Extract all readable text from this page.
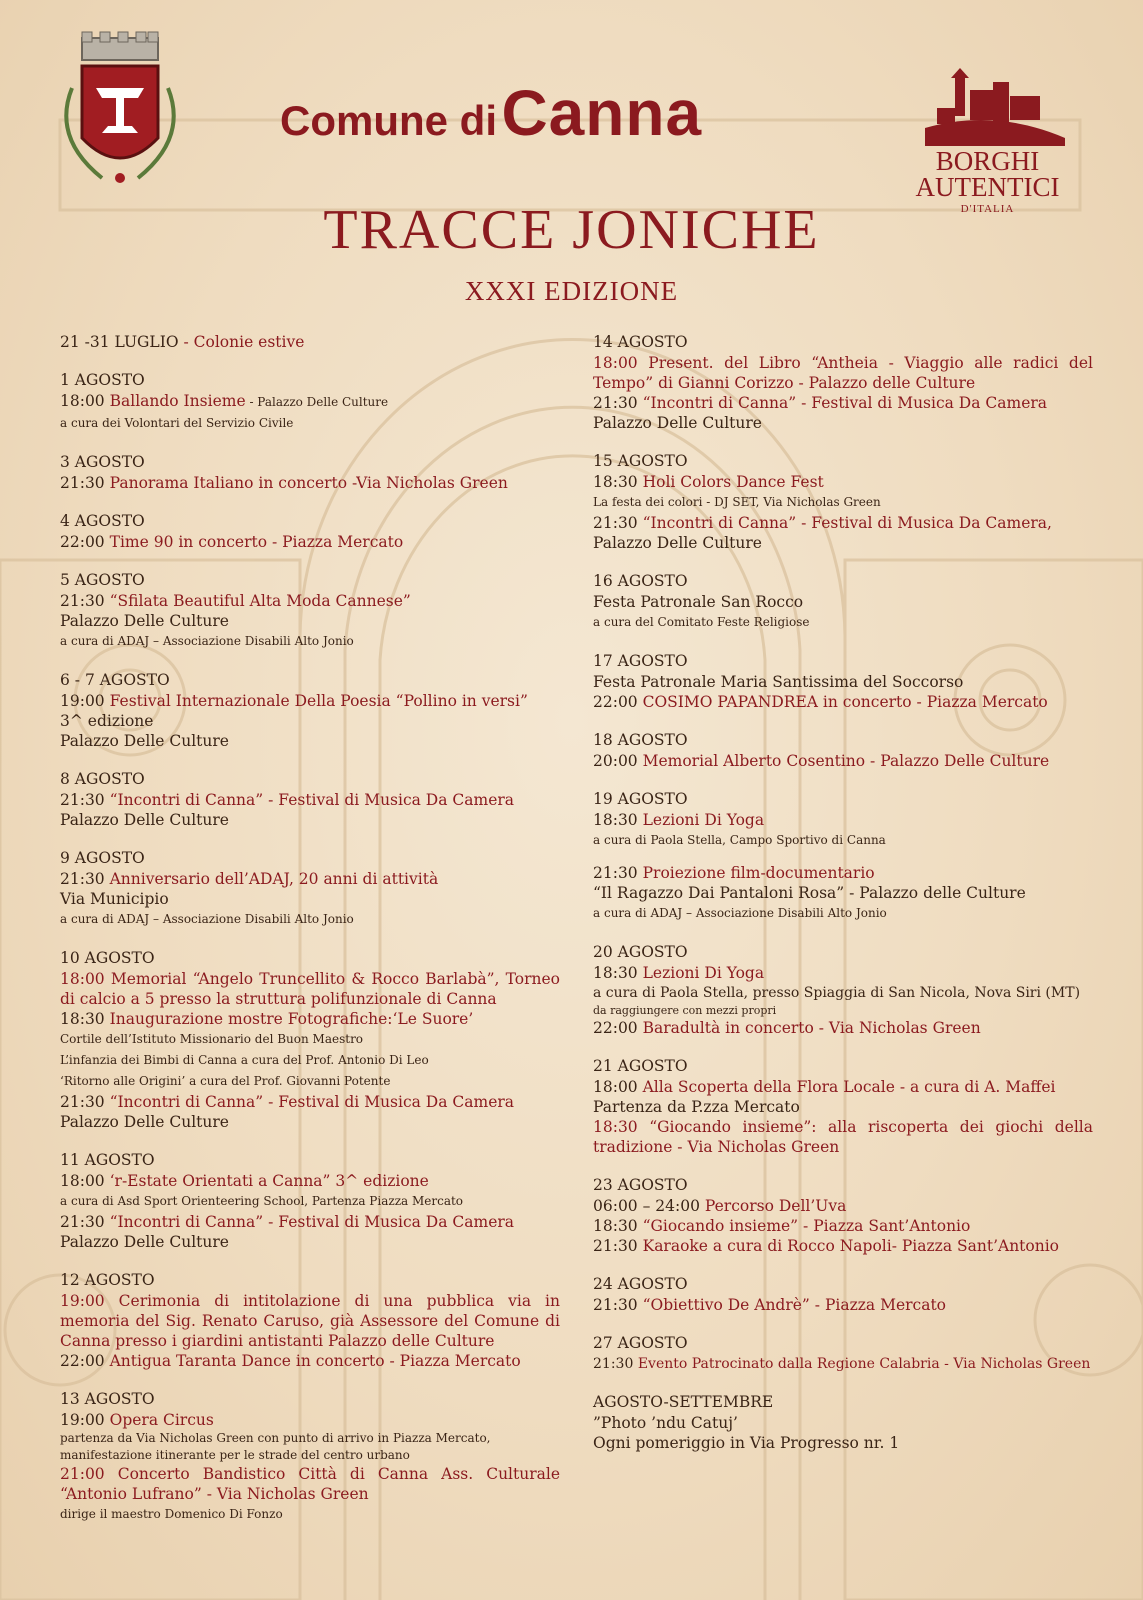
Comune di Canna
BORGHI
AUTENTICI
D'ITALIA
TRACCE JONICHE
XXXI EDIZIONE
21 -31 LUGLIO - Colonie estive
1 AGOSTO
18:00 Ballando Insieme - Palazzo Delle Culture
a cura dei Volontari del Servizio Civile
3 AGOSTO
21:30 Panorama Italiano in concerto -Via Nicholas Green
4 AGOSTO
22:00 Time 90 in concerto - Piazza Mercato
5 AGOSTO
21:30 “Sfilata Beautiful Alta Moda Cannese”
Palazzo Delle Culture
a cura di ADAJ – Associazione Disabili Alto Jonio
6 - 7 AGOSTO
19:00 Festival Internazionale Della Poesia “Pollino in versi”
3^ edizione
Palazzo Delle Culture
8 AGOSTO
21:30 “Incontri di Canna” - Festival di Musica Da Camera
Palazzo Delle Culture
9 AGOSTO
21:30 Anniversario dell’ADAJ, 20 anni di attività
Via Municipio
a cura di ADAJ – Associazione Disabili Alto Jonio
10 AGOSTO
18:00 Memorial “Angelo Truncellito & Rocco Barlabà”, Torneo di calcio a 5 presso la struttura polifunzionale di Canna
18:30 Inaugurazione mostre Fotografiche:‘Le Suore’
Cortile dell’Istituto Missionario del Buon Maestro
L’infanzia dei Bimbi di Canna a cura del Prof. Antonio Di Leo
‘Ritorno alle Origini’ a cura del Prof. Giovanni Potente
21:30 “Incontri di Canna” - Festival di Musica Da Camera
Palazzo Delle Culture
11 AGOSTO
18:00 ‘r-Estate Orientati a Canna” 3^ edizione
a cura di Asd Sport Orienteering School, Partenza Piazza Mercato
21:30 “Incontri di Canna” - Festival di Musica Da Camera
Palazzo Delle Culture
12 AGOSTO
19:00 Cerimonia di intitolazione di una pubblica via in memoria del Sig. Renato Caruso, già Assessore del Comune di Canna presso i giardini antistanti Palazzo delle Culture
22:00 Antigua Taranta Dance in concerto - Piazza Mercato
13 AGOSTO
19:00 Opera Circus
partenza da Via Nicholas Green con punto di arrivo in Piazza Mercato,
manifestazione itinerante per le strade del centro urbano
21:00 Concerto Bandistico Città di Canna Ass. Culturale “Antonio Lufrano” - Via Nicholas Green
dirige il maestro Domenico Di Fonzo
14 AGOSTO
18:00 Present. del Libro “Antheia - Viaggio alle radici del Tempo” di Gianni Corizzo - Palazzo delle Culture
21:30 “Incontri di Canna” - Festival di Musica Da Camera
Palazzo Delle Culture
15 AGOSTO
18:30 Holi Colors Dance Fest
La festa dei colori - DJ SET, Via Nicholas Green
21:30 “Incontri di Canna” - Festival di Musica Da Camera,
Palazzo Delle Culture
16 AGOSTO
Festa Patronale San Rocco
a cura del Comitato Feste Religiose
17 AGOSTO
Festa Patronale Maria Santissima del Soccorso
22:00 COSIMO PAPANDREA in concerto - Piazza Mercato
18 AGOSTO
20:00 Memorial Alberto Cosentino - Palazzo Delle Culture
19 AGOSTO
18:30 Lezioni Di Yoga
a cura di Paola Stella, Campo Sportivo di Canna
21:30 Proiezione film-documentario
“Il Ragazzo Dai Pantaloni Rosa” - Palazzo delle Culture
a cura di ADAJ – Associazione Disabili Alto Jonio
20 AGOSTO
18:30 Lezioni Di Yoga
a cura di Paola Stella, presso Spiaggia di San Nicola, Nova Siri (MT)
da raggiungere con mezzi propri
22:00 Baradultà in concerto - Via Nicholas Green
21 AGOSTO
18:00 Alla Scoperta della Flora Locale - a cura di A. Maffei
Partenza da P.zza Mercato
18:30 “Giocando insieme”: alla riscoperta dei giochi della tradizione - Via Nicholas Green
23 AGOSTO
06:00 – 24:00 Percorso Dell’Uva
18:30 “Giocando insieme” - Piazza Sant’Antonio
21:30 Karaoke a cura di Rocco Napoli- Piazza Sant’Antonio
24 AGOSTO
21:30 “Obiettivo De Andrè” - Piazza Mercato
27 AGOSTO
21:30 Evento Patrocinato dalla Regione Calabria - Via Nicholas Green
AGOSTO-SETTEMBRE
”Photo ’ndu Catuj’
Ogni pomeriggio in Via Progresso nr. 1
